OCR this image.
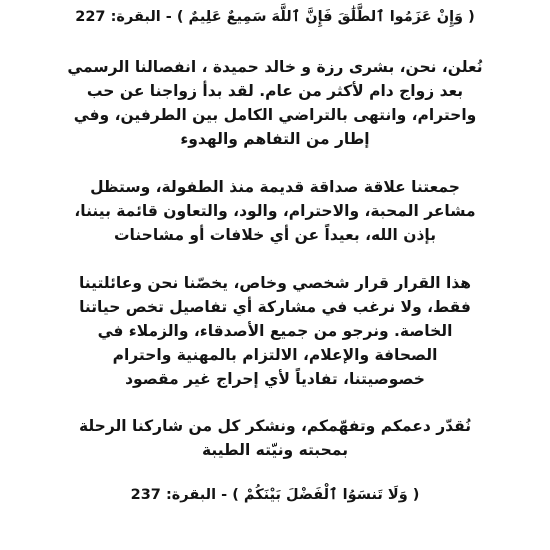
( وَإِنْ عَزَمُوا ٱلطَّلَٰقَ فَإِنَّ ٱللَّهَ سَمِيعٌ عَلِيمٌ ) - البقرة: 227

نُعلن، نحن، بشرى رزة و خالد حميدة ، انفصالنا الرسمي
بعد زواج دام لأكثر من عام. لقد بدأ زواجنا عن حب
واحترام، وانتهى بالتراضي الكامل بين الطرفين، وفي
إطار من التفاهم والهدوء

جمعتنا علاقة صداقة قديمة منذ الطفولة، وستظل
مشاعر المحبة، والاحترام، والود، والتعاون قائمة بيننا،
بإذن الله، بعيداً عن أي خلافات أو مشاحنات

هذا القرار قرار شخصي وخاص، يخصّنا نحن وعائلتينا
فقط، ولا نرغب في مشاركة أي تفاصيل تخص حياتنا
الخاصة. ونرجو من جميع الأصدقاء، والزملاء في
الصحافة والإعلام، الالتزام بالمهنية واحترام
خصوصيتنا، تفادياً لأي إحراج غير مقصود

نُقدّر دعمكم وتفهّمكم، ونشكر كل من شاركنا الرحلة
بمحبته ونيّته الطيبة

( وَلَا تَنسَوُا ٱلْفَضْلَ بَيْنَكُمْ ) - البقرة: 237
